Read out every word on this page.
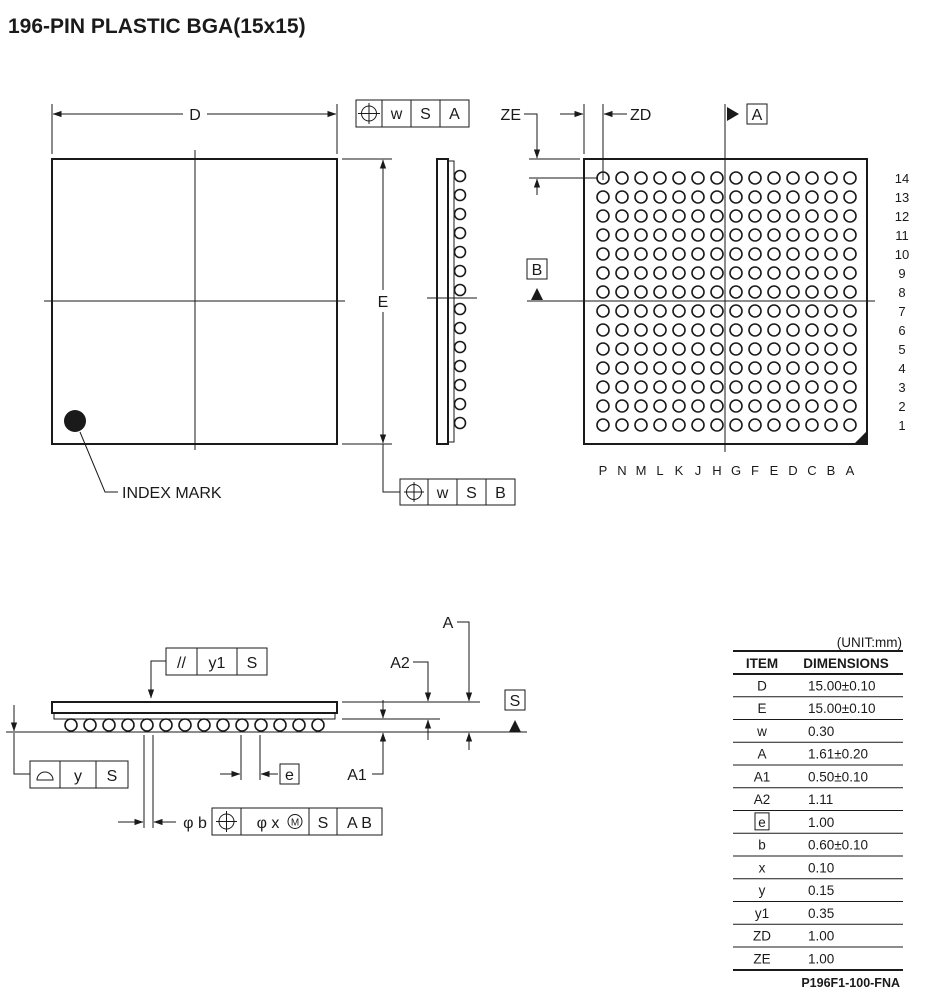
196-PIN PLASTIC BGA(15x15)
INDEX MARK
D	w S A
E
w S B
14
13
12
11
10
9
8
7
6
5
4
3
2
1
P N M L K J H G F E D C B A
A
B
ZD
ZE
S
A
A2
A1
// y1 S
y S	e
φ b	φ x M S A B
(UNIT:mm)
ITEM DIMENSIONS
D	15.00±0.10
E	15.00±0.10
w	0.30
A	1.61±0.20
A1	0.50±0.10
A2	1.11
e	1.00
b	0.60±0.10
x	0.10
y	0.15
y1	0.35
ZD	1.00
ZE	1.00
P196F1-100-FNA
